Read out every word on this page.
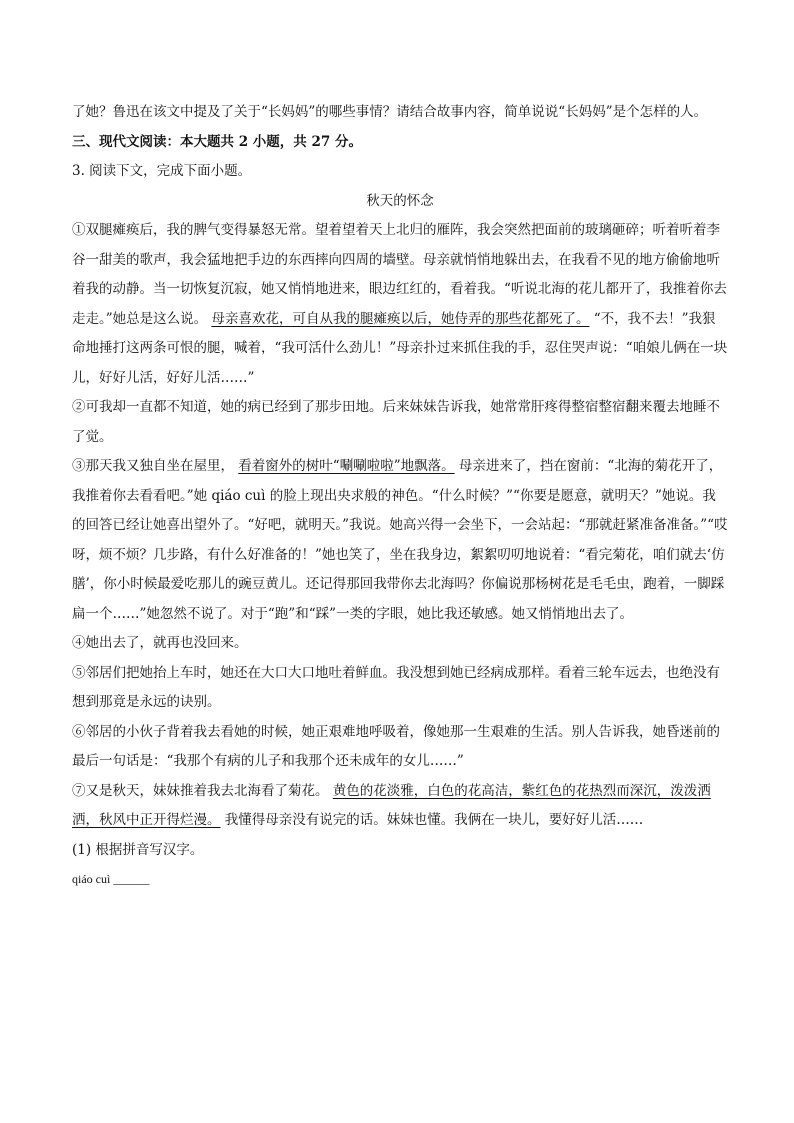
了她？鲁迅在该文中提及了关于“长妈妈”的哪些事情？请结合故事内容，简单说说“长妈妈”是个怎样的人。

三、现代文阅读：本大题共 2 小题，共 27 分。

3. 阅读下文，完成下面小题。

秋天的怀念

①双腿瘫痪后，我的脾气变得暴怒无常。望着望着天上北归的雁阵，我会突然把面前的玻璃砸碎；听着听着李谷一甜美的歌声，我会猛地把手边的东西摔向四周的墙壁。母亲就悄悄地躲出去，在我看不见的地方偷偷地听着我的动静。当一切恢复沉寂，她又悄悄地进来，眼边红红的，看着我。“听说北海的花儿都开了，我推着你去走走。”她总是这么说。 母亲喜欢花，可自从我的腿瘫痪以后，她侍弄的那些花都死了。 “不，我不去！”我狠命地捶打这两条可恨的腿，喊着，“我可活什么劲儿！”母亲扑过来抓住我的手，忍住哭声说：“咱娘儿俩在一块儿，好好儿活，好好儿活……”

②可我却一直都不知道，她的病已经到了那步田地。后来妹妹告诉我，她常常肝疼得整宿整宿翻来覆去地睡不了觉。

③那天我又独自坐在屋里， 看着窗外的树叶“唰唰啦啦”地飘落。 母亲进来了，挡在窗前：“北海的菊花开了，我推着你去看看吧。”她 qiáo cuì 的脸上现出央求般的神色。“什么时候？”“你要是愿意，就明天？”她说。我的回答已经让她喜出望外了。“好吧，就明天。”我说。她高兴得一会坐下，一会站起：“那就赶紧准备准备。”“哎呀，烦不烦？几步路，有什么好准备的！”她也笑了，坐在我身边，絮絮叨叨地说着：“看完菊花，咱们就去‘仿膳’，你小时候最爱吃那儿的豌豆黄儿。还记得那回我带你去北海吗？你偏说那杨树花是毛毛虫，跑着，一脚踩扁一个……”她忽然不说了。对于“跑”和“踩”一类的字眼，她比我还敏感。她又悄悄地出去了。

④她出去了，就再也没回来。

⑤邻居们把她抬上车时，她还在大口大口地吐着鲜血。我没想到她已经病成那样。看着三轮车远去，也绝没有想到那竟是永远的诀别。

⑥邻居的小伙子背着我去看她的时候，她正艰难地呼吸着，像她那一生艰难的生活。别人告诉我，她昏迷前的最后一句话是：“我那个有病的儿子和我那个还未成年的女儿……”

⑦又是秋天，妹妹推着我去北海看了菊花。 黄色的花淡雅，白色的花高洁，紫红色的花热烈而深沉，泼泼洒洒，秋风中正开得烂漫。 我懂得母亲没有说完的话。妹妹也懂。我俩在一块儿，要好好儿活……

(1) 根据拼音写汉字。

qiáo cuì ______
